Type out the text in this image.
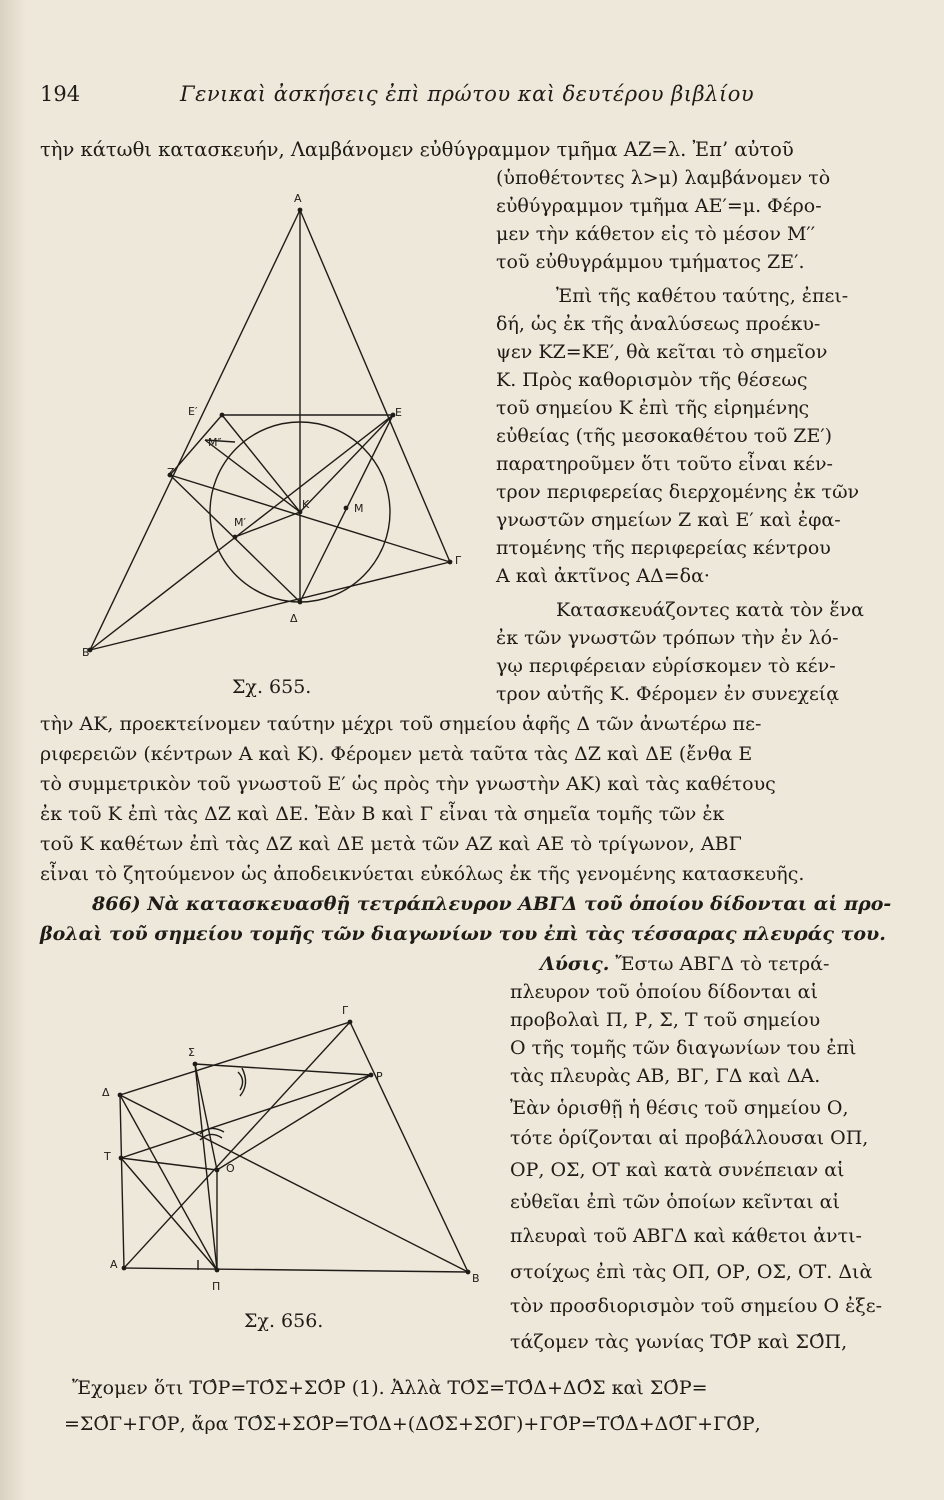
194	Γενικαὶ ἀσκήσεις ἐπὶ πρώτου καὶ δευτέρου βιβλίου
τὴν κάτωθι κατασκευήν, Λαμβάνομεν εὐθύγραμμον τμῆμα ΑΖ=λ. Ἐπ’ αὐτοῦ
(ὑποθέτοντες λ>μ) λαμβάνομεν τὸ
εὐθύγραμμον τμῆμα ΑΕ′=μ. Φέρο-
μεν τὴν κάθετον εἰς τὸ μέσον Μ′′
τοῦ εὐθυγράμμου τμήματος ΖΕ′.
Ἐπὶ τῆς καθέτου ταύτης, ἐπει-
δή, ὡς ἐκ τῆς ἀναλύσεως προέκυ-
ψεν ΚΖ=ΚΕ′, θὰ κεῖται τὸ σημεῖον
Κ. Πρὸς καθορισμὸν τῆς θέσεως
τοῦ σημείου Κ ἐπὶ τῆς εἰρημένης
εὐθείας (τῆς μεσοκαθέτου τοῦ ΖΕ′)
παρατηροῦμεν ὅτι τοῦτο εἶναι κέν-
τρον περιφερείας διερχομένης ἐκ τῶν
γνωστῶν σημείων Ζ καὶ Ε′ καὶ ἐφα-
πτομένης τῆς περιφερείας κέντρου
Α καὶ ἀκτῖνος ΑΔ=δα·
Κατασκευάζοντες κατὰ τὸν ἕνα
ἐκ τῶν γνωστῶν τρόπων τὴν ἐν λό-
γῳ περιφέρειαν εὑρίσκομεν τὸ κέν-
τρον αὐτῆς Κ. Φέρομεν ἐν συνεχείᾳ
τὴν ΑΚ, προεκτείνομεν ταύτην μέχρι τοῦ σημείου ἁφῆς Δ τῶν ἀνωτέρω πε-
ριφερειῶν (κέντρων Α καὶ Κ). Φέρομεν μετὰ ταῦτα τὰς ΔΖ καὶ ΔΕ (ἔνθα Ε
τὸ συμμετρικὸν τοῦ γνωστοῦ Ε′ ὡς πρὸς τὴν γνωστὴν ΑΚ) καὶ τὰς καθέτους
ἐκ τοῦ Κ ἐπὶ τὰς ΔΖ καὶ ΔΕ. Ἐὰν Β καὶ Γ εἶναι τὰ σημεῖα τομῆς τῶν ἐκ
τοῦ Κ καθέτων ἐπὶ τὰς ΔΖ καὶ ΔΕ μετὰ τῶν ΑΖ καὶ ΑΕ τὸ τρίγωνον, ΑΒΓ
εἶναι τὸ ζητούμενον ὡς ἀποδεικνύεται εὐκόλως ἐκ τῆς γενομένης κατασκευῆς.
866) Νὰ κατασκευασθῇ τετράπλευρον ΑΒΓΔ τοῦ ὁποίου δίδονται αἱ προ-
βολαὶ τοῦ σημείου τομῆς τῶν διαγωνίων του ἐπὶ τὰς τέσσαρας πλευράς του.
Λύσις. Ἔστω ΑΒΓΔ τὸ τετρά-
πλευρον τοῦ ὁποίου δίδονται αἱ
προβολαὶ Π, Ρ, Σ, Τ τοῦ σημείου
Ο τῆς τομῆς τῶν διαγωνίων του ἐπὶ
τὰς πλευρὰς ΑΒ, ΒΓ, ΓΔ καὶ ΔΑ.
Ἐὰν ὁρισθῇ ἡ θέσις τοῦ σημείου Ο,
τότε ὁρίζονται αἱ προβάλλουσαι ΟΠ,
ΟΡ, ΟΣ, ΟΤ καὶ κατὰ συνέπειαν αἱ
εὐθεῖαι ἐπὶ τῶν ὁποίων κεῖνται αἱ
πλευραὶ τοῦ ΑΒΓΔ καὶ κάθετοι ἀντι-
στοίχως ἐπὶ τὰς ΟΠ, ΟΡ, ΟΣ, ΟΤ. Διὰ
τὸν προσδιορισμὸν τοῦ σημείου Ο ἐξε-
τάζομεν τὰς γωνίας ΤΟ̂Ρ καὶ ΣΟ̂Π,
Ἔχομεν ὅτι ΤΟ̂Ρ=ΤΟ̂Σ+ΣΟ̂Ρ (1). Ἀλλὰ ΤΟ̂Σ=ΤΟ̂Δ+ΔΟ̂Σ καὶ ΣΟ̂Ρ=
=ΣΟ̂Γ+ΓΟ̂Ρ, ἄρα ΤΟ̂Σ+ΣΟ̂Ρ=ΤΟ̂Δ+(ΔΟ̂Σ+ΣΟ̂Γ)+ΓΟ̂Ρ=ΤΟ̂Δ+ΔΟ̂Γ+ΓΟ̂Ρ,
A
E′	E
M″
Z
K	M
M′
Γ
Δ
B
Σχ. 655.
Γ
Σ
Δ
P
T
O
A
Π
B
Σχ. 656.
